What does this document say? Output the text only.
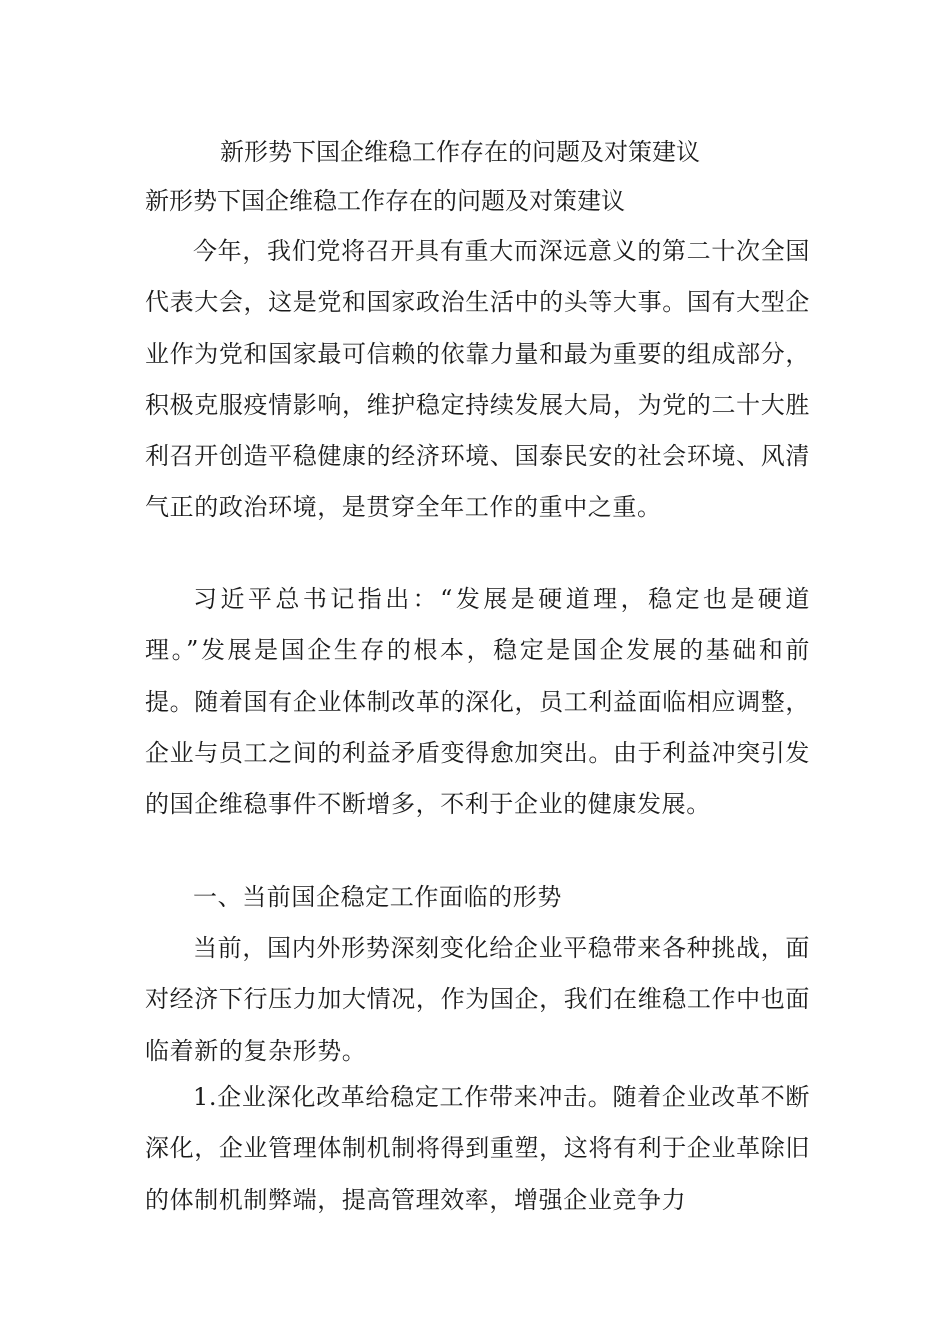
新形势下国企维稳工作存在的问题及对策建议
新形势下国企维稳工作存在的问题及对策建议

今年，我们党将召开具有重大而深远意义的第二十次全国代表大会，这是党和国家政治生活中的头等大事。国有大型企业作为党和国家最可信赖的依靠力量和最为重要的组成部分，积极克服疫情影响，维护稳定持续发展大局，为党的二十大胜利召开创造平稳健康的经济环境、国泰民安的社会环境、风清气正的政治环境，是贯穿全年工作的重中之重。

习近平总书记指出：“发展是硬道理，稳定也是硬道理。”发展是国企生存的根本，稳定是国企发展的基础和前提。随着国有企业体制改革的深化，员工利益面临相应调整，企业与员工之间的利益矛盾变得愈加突出。由于利益冲突引发的国企维稳事件不断增多，不利于企业的健康发展。

一、当前国企稳定工作面临的形势

当前，国内外形势深刻变化给企业平稳带来各种挑战，面对经济下行压力加大情况，作为国企，我们在维稳工作中也面临着新的复杂形势。

1.企业深化改革给稳定工作带来冲击。随着企业改革不断深化，企业管理体制机制将得到重塑，这将有利于企业革除旧的体制机制弊端，提高管理效率，增强企业竞争力
